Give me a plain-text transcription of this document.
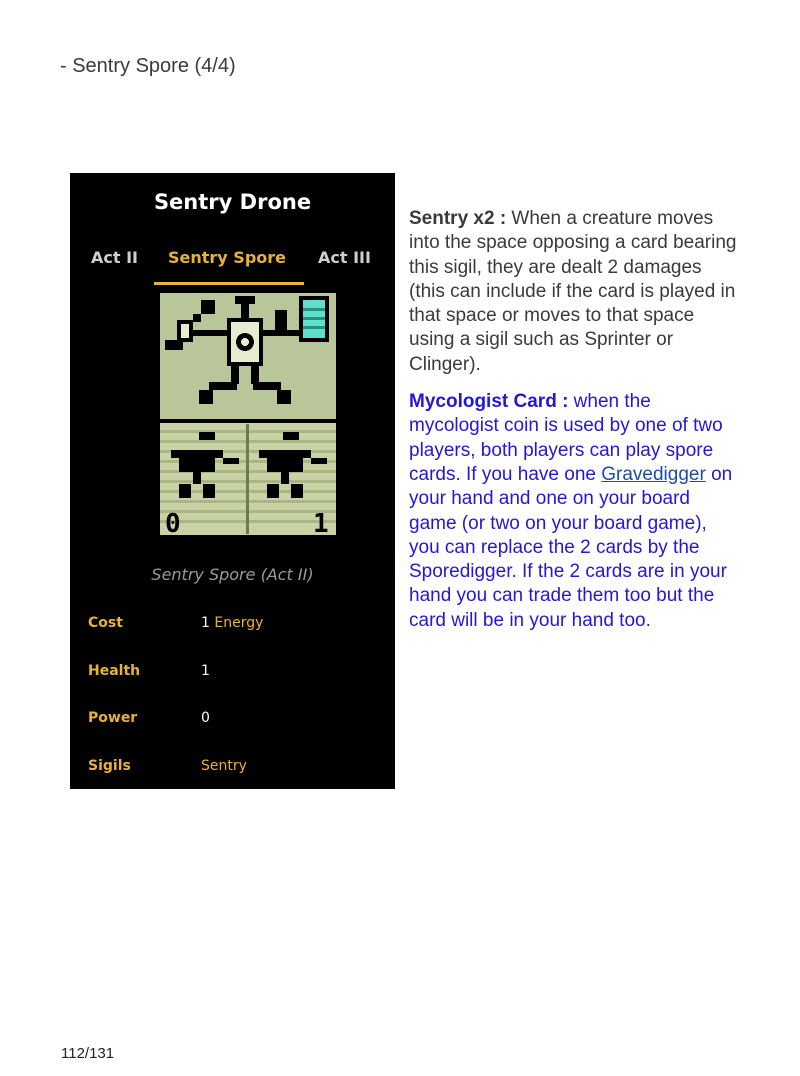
- Sentry Spore (4/4)
Sentry Drone
Act II Sentry Spore Act III
0	1
Sentry Spore (Act II)
Cost	1 Energy
Health	1
Power	0
Sigils	Sentry

Sentry x2 : When a creature moves into the space opposing a card bearing this sigil, they are dealt 2 damages (this can include if the card is played in that space or moves to that space using a sigil such as Sprinter or Clinger).

Mycologist Card : when the mycologist coin is used by one of two players, both players can play spore cards. If you have one Gravedigger on your hand and one on your board game (or two on your board game), you can replace the 2 cards by the Sporedigger. If the 2 cards are in your hand you can trade them too but the card will be in your hand too.

112/131
